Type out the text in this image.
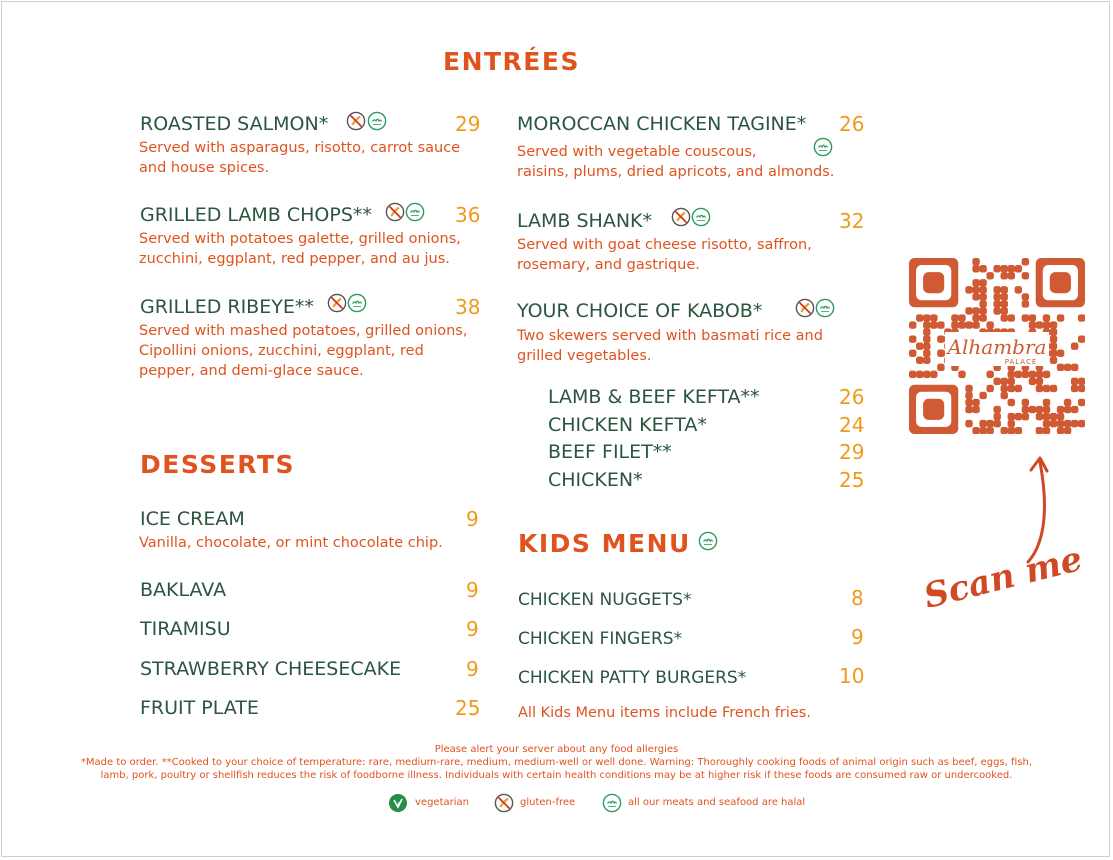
ENTRÉES
ROASTED SALMON*	29
Served with asparagus, risotto, carrot sauce
and house spices.
GRILLED LAMB CHOPS**	36
Served with potatoes galette, grilled onions,
zucchini, eggplant, red pepper, and au jus.
GRILLED RIBEYE**	38
Served with mashed potatoes, grilled onions,
Cipollini onions, zucchini, eggplant, red
pepper, and demi-glace sauce.
MOROCCAN CHICKEN TAGINE* 26
Served with vegetable couscous,
raisins, plums, dried apricots, and almonds.
LAMB SHANK*	32
Served with goat cheese risotto, saffron,
rosemary, and gastrique.
YOUR CHOICE OF KABOB*
Two skewers served with basmati rice and
grilled vegetables.
LAMB & BEEF KEFTA**	26
CHICKEN KEFTA*	24
BEEF FILET**	29
CHICKEN*	25
DESSERTS
ICE CREAM	9
Vanilla, chocolate, or mint chocolate chip.
BAKLAVA	9
TIRAMISU	9
STRAWBERRY CHEESECAKE	9
FRUIT PLATE	25
KIDS MENU
CHICKEN NUGGETS*	8
CHICKEN FINGERS*	9
CHICKEN PATTY BURGERS*	10
All Kids Menu items include French fries.
Alhambra
PALACE
Scan me
Please alert your server about any food allergies
*Made to order. **Cooked to your choice of temperature: rare, medium-rare, medium, medium-well or well done. Warning: Thoroughly cooking foods of animal origin such as beef, eggs, fish,
lamb, pork, poultry or shellfish reduces the risk of foodborne illness. Individuals with certain health conditions may be at higher risk if these foods are consumed raw or undercooked.
vegetarian	gluten-free	all our meats and seafood are halal
